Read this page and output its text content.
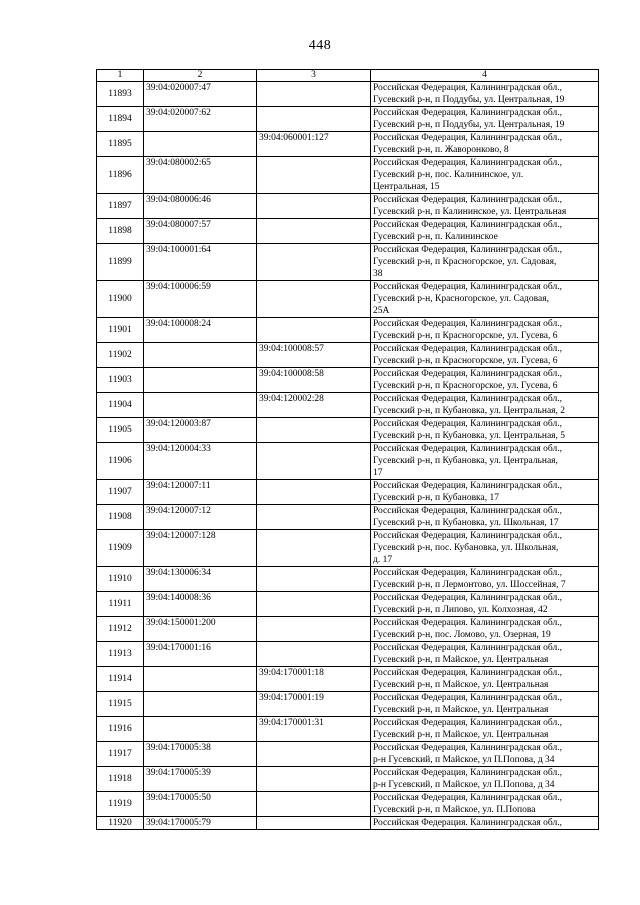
448
1	2	3	4
11893	39:04:020007:47		Российская Федерация, Калининградская обл.,
Гусевский р-н, п Поддубы, ул. Центральная, 19
11894	39:04:020007:62		Российская Федерация, Калининградская обл.,
Гусевский р-н, п Поддубы, ул. Центральная, 19
11895		39:04:060001:127	Российская Федерация, Калининградская обл.,
Гусевский р-н, п. Жаворонково, 8
11896	39:04:080002:65		Российская Федерация, Калининградская обл.,
Гусевский р-н, пос. Калининское, ул.
Центральная, 15
11897	39:04:080006:46		Российская Федерация, Калининградская обл.,
Гусевский р-н, п Калининское, ул. Центральная
11898	39:04:080007:57		Российская Федерация, Калининградская обл.,
Гусевский р-н, п. Калининское
11899	39:04:100001:64		Российская Федерация, Калининградская обл.,
Гусевский р-н, п Красногорское, ул. Садовая,
38
11900	39:04:100006:59		Российская Федерация, Калининградская обл.,
Гусевский р-н, Красногорское, ул. Садовая,
25А
11901	39:04:100008:24		Российская Федерация, Калининградская обл.,
Гусевский р-н, п Красногорское, ул. Гусева, 6
11902		39:04:100008:57	Российская Федерация, Калининградская обл.,
Гусевский р-н, п Красногорское, ул. Гусева, 6
11903		39:04:100008:58	Российская Федерация, Калининградская обл.,
Гусевский р-н, п Красногорское, ул. Гусева, 6
11904		39:04:120002:28	Российская Федерация, Калининградская обл.,
Гусевский р-н, п Кубановка, ул. Центральная, 2
11905	39:04:120003:87		Российская Федерация, Калининградская обл.,
Гусевский р-н, п Кубановка, ул. Центральная, 5
11906	39:04:120004:33		Российская Федерация, Калининградская обл.,
Гусевский р-н, п Кубановка, ул. Центральная,
17
11907	39:04:120007:11		Российская Федерация, Калининградская обл.,
Гусевский р-н, п Кубановка, 17
11908	39:04:120007:12		Российская Федерация, Калининградская обл.,
Гусевский р-н, п Кубановка, ул. Школьная, 17
11909	39:04:120007:128		Российская Федерация, Калининградская обл.,
Гусевский р-н, пос. Кубановка, ул. Школьная,
д. 17
11910	39:04:130006:34		Российская Федерация, Калининградская обл.,
Гусевский р-н, п Лермонтово, ул. Шоссейная, 7
11911	39:04:140008:36		Российская Федерация, Калининградская обл.,
Гусевский р-н, п Липово, ул. Колхозная, 42
11912	39:04:150001:200		Российская Федерация. Калининградская обл.,
Гусевский р-н, пос. Ломово, ул. Озерная, 19
11913	39:04:170001:16		Российская Федерация, Калининградская обл.,
Гусевский р-н, п Майское, ул. Центральная
11914		39:04:170001:18	Российская Федерация, Калининградская обл.,
Гусевский р-н, п Майское, ул. Центральная
11915		39:04:170001:19	Российская Федерация, Калининградская обл.,
Гусевский р-н, п Майское, ул. Центральная
11916		39:04:170001:31	Российская Федерация, Калининградская обл.,
Гусевский р-н, п Майское, ул. Центральная
11917	39:04:170005:38		Российская Федерация, Калининградская обл.,
р-н Гусевский, п Майское, ул П.Попова, д 34
11918	39:04:170005:39		Российская Федерация, Калининградская обл.,
р-н Гусевский, п Майское, ул П.Попова, д 34
11919	39:04:170005:50		Российская Федерация, Калининградская обл.,
Гусевский р-н, п Майское, ул. П.Попова
11920	39:04:170005:79		Российская Федерация. Калининградская обл.,
